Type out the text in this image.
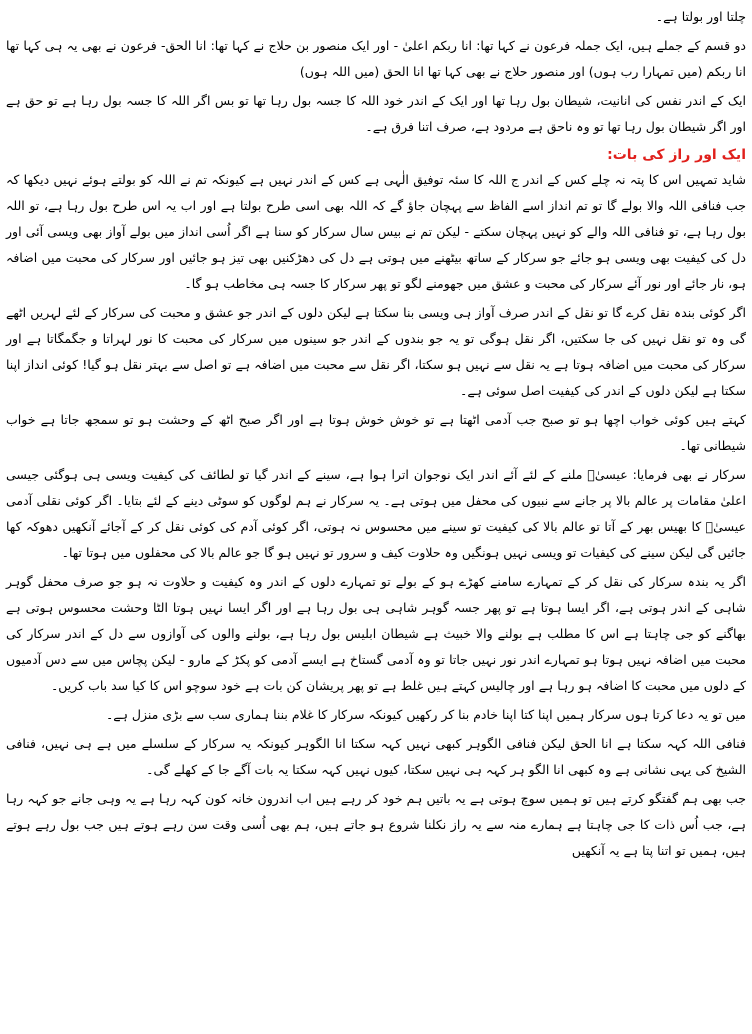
چلتا اور بولتا ہے۔

دو قسم کے جملے ہیں، ایک جملہ فرعون نے کہا تھا: انا ربکم اعلیٰ - اور ایک منصور بن حلاج نے کہا تھا: انا الحق- فرعون نے بھی یہ ہی کہا تھا انا ربکم (میں تمہارا رب ہوں) اور منصور حلاج نے بھی کہا تھا انا الحق (میں اللہ ہوں)

ایک کے اندر نفس کی انانیت، شیطان بول رہا تھا اور ایک کے اندر خود اللہ کا جسہ بول رہا تھا تو بس اگر اللہ کا جسہ بول رہا ہے تو حق ہے اور اگر شیطان بول رہا تھا تو وہ ناحق ہے مردود ہے، صرف اتنا فرق ہے۔

ایک اور راز کی بات:

شاید تمہیں اس کا پتہ نہ چلے کس کے اندر ج اللہ کا سئہ توفیق الٰہی ہے کس کے اندر نہیں ہے کیونکہ تم نے اللہ کو بولتے ہوئے نہیں دیکھا کہ جب فنافی اللہ والا بولے گا تو تم انداز اسے الفاظ سے پہچان جاؤ گے کہ اللہ بھی اسی طرح بولتا ہے اور اب یہ اس طرح بول رہا ہے، تو اللہ بول رہا ہے، تو فنافی اللہ والے کو نہیں پہچان سکتے - لیکن تم نے بیس سال سرکار کو سنا ہے اگر اُسی انداز میں بولے آواز بھی ویسی آئی اور دل کی کیفیت بھی ویسی ہو جائے جو سرکار کے ساتھ بیٹھنے میں ہوتی ہے دل کی دھڑکنیں بھی تیز ہو جائیں اور سرکار کی محبت میں اضافہ ہو، نار جائے اور نور آئے سرکار کی محبت و عشق میں جھومنے لگو تو پھر سرکار کا جسہ ہی مخاطب ہو گا۔

اگر کوئی بندہ نقل کرے گا تو نقل کے اندر صرف آواز ہی ویسی بنا سکتا ہے لیکن دلوں کے اندر جو عشق و محبت کی سرکار کے لئے لہریں اٹھے گی وہ تو نقل نہیں کی جا سکتیں، اگر نقل ہوگی تو یہ جو بندوں کے اندر جو سینوں میں سرکار کی محبت کا نور لہراتا و جگمگاتا ہے اور سرکار کی محبت میں اضافہ ہوتا ہے یہ نقل سے نہیں ہو سکتا، اگر نقل سے محبت میں اضافہ ہے تو اصل سے بہتر نقل ہو گیا! کوئی انداز اپنا سکتا ہے لیکن دلوں کے اندر کی کیفیت اصل سوئی ہے۔

کہتے ہیں کوئی خواب اچھا ہو تو صبح جب آدمی اٹھتا ہے تو خوش خوش ہوتا ہے اور اگر صبح اٹھ کے وحشت ہو تو سمجھ جاتا ہے خواب شیطانی تھا۔

سرکار نے بھی فرمایا: عیسیٰؑ ملنے کے لئے آئے اندر ایک نوجوان اترا ہوا ہے، سینے کے اندر گیا تو لطائف کی کیفیت ویسی ہی ہوگئی جیسی اعلیٰ مقامات پر عالم بالا پر جانے سے نبیوں کی محفل میں ہوتی ہے۔ یہ سرکار نے ہم لوگوں کو سوٹی دینے کے لئے بتایا۔ اگر کوئی نقلی آدمی عیسیٰؑ کا بھیس بھر کے آتا تو عالم بالا کی کیفیت تو سینے میں محسوس نہ ہوتی، اگر کوئی آدم کی کوئی نقل کر کے آجائے آنکھیں دھوکہ کھا جائیں گی لیکن سینے کی کیفیات تو ویسی نہیں ہونگیں وہ حلاوت کیف و سرور تو نہیں ہو گا جو عالم بالا کی محفلوں میں ہوتا تھا۔

اگر یہ بندہ سرکار کی نقل کر کے تمہارے سامنے کھڑے ہو کے بولے تو تمہارے دلوں کے اندر وہ کیفیت و حلاوت نہ ہو جو صرف محفل گوہر شاہی کے اندر ہوتی ہے، اگر ایسا ہوتا ہے تو پھر جسہ گوہر شاہی ہی بول رہا ہے اور اگر ایسا نہیں ہوتا الٹا وحشت محسوس ہوتی ہے بھاگنے کو جی چاہتا ہے اس کا مطلب ہے بولنے والا خبیث ہے شیطان ابلیس بول رہا ہے، بولنے والوں کی آوازوں سے دل کے اندر سرکار کی محبت میں اضافہ نہیں ہوتا ہو تمہارے اندر نور نہیں جاتا تو وہ آدمی گستاخ ہے ایسے آدمی کو پکڑ کے مارو - لیکن پچاس میں سے دس آدمیوں کے دلوں میں محبت کا اضافہ ہو رہا ہے اور چالیس کہتے ہیں غلط ہے تو پھر پریشان کن بات ہے خود سوچو اس کا کیا سد باب کریں۔

میں تو یہ دعا کرتا ہوں سرکار ہمیں اپنا کتا اپنا خادم بنا کر رکھیں کیونکہ سرکار کا غلام بننا ہماری سب سے بڑی منزل ہے۔

فنافی اللہ کہہ سکتا ہے انا الحق لیکن فنافی الگوہر کبھی نہیں کہہ سکتا انا الگوہر کیونکہ یہ سرکار کے سلسلے میں ہے ہی نہیں، فنافی الشیخ کی یہی نشانی ہے وہ کبھی انا الگو ہر کہہ ہی نہیں سکتا، کیوں نہیں کہہ سکتا یہ بات آگے جا کے کھلے گی۔

جب بھی ہم گفتگو کرتے ہیں تو ہمیں سوچ ہوتی ہے یہ باتیں ہم خود کر رہے ہیں اب اندرون خانہ کون کہہ رہا ہے یہ وہی جانے جو کہہ رہا ہے، جب اُس ذات کا جی چاہتا ہے ہمارے منہ سے یہ راز نکلنا شروع ہو جاتے ہیں، ہم بھی اُسی وقت سن رہے ہوتے ہیں جب بول رہے ہوتے ہیں، ہمیں تو اتنا پتا ہے یہ آنکھیں
